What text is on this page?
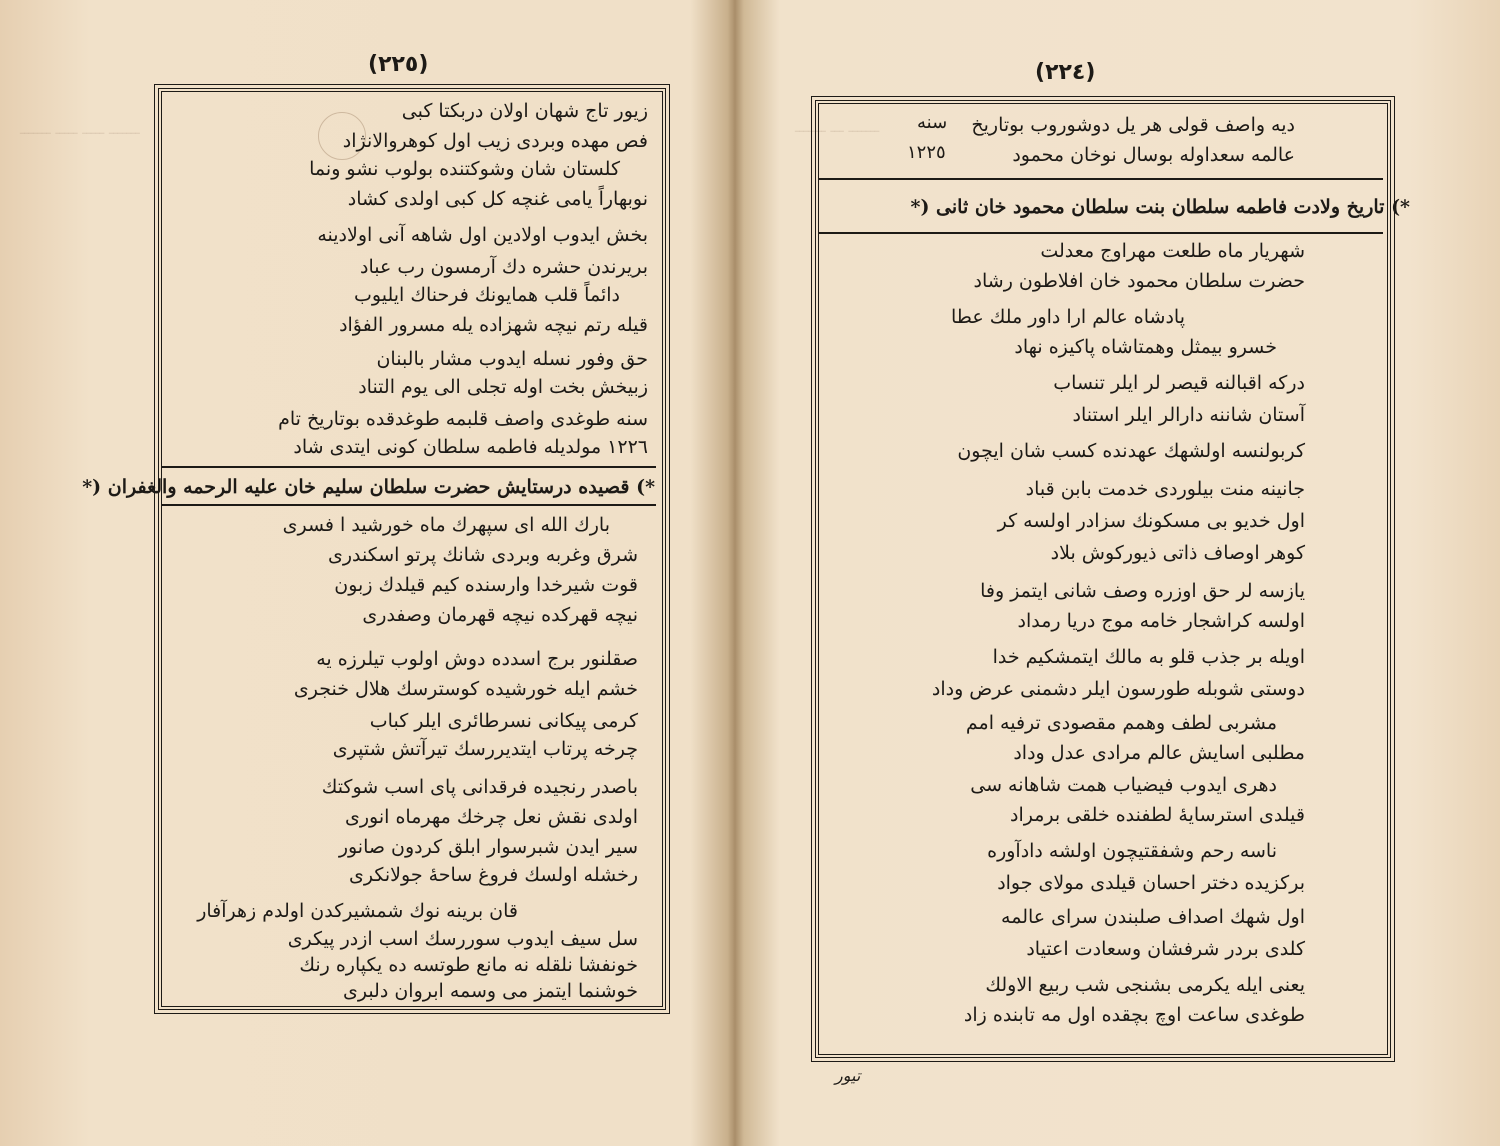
ـــــــ ـــــ ـــــ ـــــــ
(٢٢٥)
زیور تاج شهان اولان دربکتا کبی
فص مهده وبردی زیب اول کوهروالانژاد
کلستان شان وشوکتنده بولوب نشو ونما
نوبهاراً یامی غنچه کل کبی اولدی کشاد
بخش ایدوب اولادین اول شاهه آنی اولادینه
بریرندن حشره دك آرمسون رب عباد
دائماً قلب همایونك فرحناك ایلیوب
قیله رتم نیچه شهزاده یله مسرور الفؤاد
حق وفور نسله ایدوب مشار بالبنان
زبیخش بخت اوله تجلی الی یوم التناد
سنه طوغدی واصف قلبمه طوغدقده بوتاریخ تام
۱۲۲٦ مولدیله فاطمه سلطان کونی ایتدی شاد
*) قصیده درستایش حضرت سلطان سلیم خان علیه الرحمه والغفران (*
بارك الله ای سپهرك ماه خورشید ا فسری
شرق وغربه وبردی شانك پرتو اسکندری
قوت شیرخدا وارسنده کیم قیلدك زبون
نیچه قهرکده نیچه قهرمان وصفدری
صقلنور برج اسدده دوش اولوب تیلرزه یه
خشم ایله خورشیده کوسترسك هلال خنجری
کرمی پیکانی نسرطائری ایلر کباب
چرخه پرتاب ایتدیررسك تیرآتش شتپری
باصدر رنجیده فرقدانی پای اسب شوکتك
اولدی نقش نعل چرخك مهرماه انوری
سیر ایدن شبرسوار ابلق کردون صانور
رخشله اولسك فروغ ساحهٔ جولانکری
قان برینه نوك شمشیرکدن اولدم زهرآفار
سل سیف ایدوب سوررسك اسب ازدر پیکری
خونفشا نلقله نه مانع طوتسه ده یکپاره رنك
خوشنما ایتمز می وسمه ابروان دلبری
ـــــــ ـــ ـــــــ
(٢٢٤)
دیه واصف قولی هر یل دوشوروب بوتاریخ
عالمه سعداوله بوسال نوخان محمود
سنه
۱۲۲٥
*) تاریخ ولادت فاطمه سلطان بنت سلطان محمود خان ثانی (*
شهریار ماه طلعت مهراوج معدلت
حضرت سلطان محمود خان افلاطون رشاد
پادشاه عالم ارا داور ملك عطا
خسرو بیمثل وهمتاشاه پاکیزه نهاد
درکه اقبالنه قیصر لر ایلر تنساب
آستان شاننه دارالر ایلر استناد
کربولنسه اولشهك عهدنده کسب شان ایچون
جانینه منت بیلوردی خدمت بابن قباد
اول خدیو بی مسکونك سزادر اولسه کر
کوهر اوصاف ذاتی ذیورکوش بلاد
یازسه لر حق اوزره وصف شانی ایتمز وفا
اولسه کراشجار خامه موج دریا رمداد
اویله بر جذب قلو به مالك ایتمشکیم خدا
دوستی شوبله طورسون ایلر دشمنی عرض وداد
مشربی لطف وهمم مقصودی ترفیه امم
مطلبی اسایش عالم مرادی عدل وداد
دهری ایدوب فیضیاب همت شاهانه سی
قیلدی استرسایهٔ لطفنده خلقی برمراد
ناسه رحم وشفقتیچون اولشه دادآوره
برکزیده دختر احسان قیلدی مولای جواد
اول شهك اصداف صلبندن سرای عالمه
کلدی بردر شرفشان وسعادت اعتیاد
یعنی ایله یکرمی بشنجی شب ربیع الاولك
طوغدی ساعت اوچ بچقده اول مه تابنده زاد
تيور
